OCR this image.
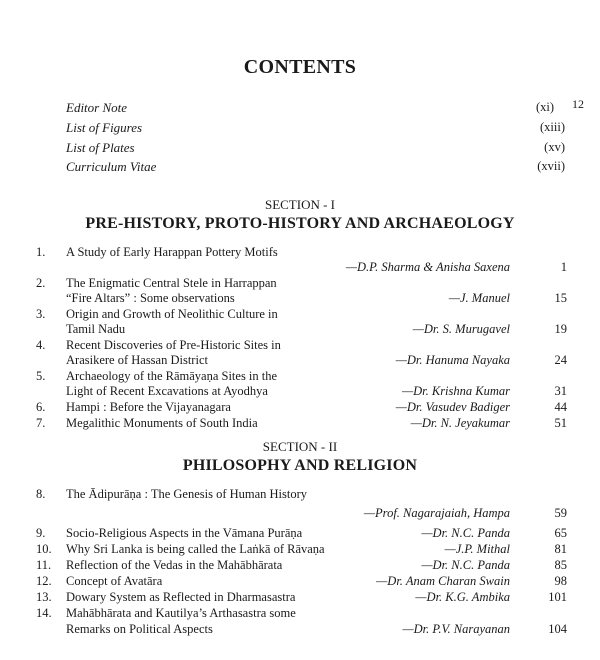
CONTENTS
Editor Note	(xi) 12
List of Figures	(xiii)
List of Plates	(xv)
Curriculum Vitae	(xvii)
SECTION - I
PRE-HISTORY, PROTO-HISTORY AND ARCHAEOLOGY
1. A Study of Early Harappan Pottery Motifs
—D.P. Sharma & Anisha Saxena	1
2. The Enigmatic Central Stele in Harrappan
“Fire Altars” : Some observations	—J. Manuel	15
3. Origin and Growth of Neolithic Culture in
Tamil Nadu	—Dr. S. Murugavel	19
4. Recent Discoveries of Pre-Historic Sites in
Arasikere of Hassan District	—Dr. Hanuma Nayaka	24
5. Archaeology of the Rāmāyaṇa Sites in the
Light of Recent Excavations at Ayodhya	—Dr. Krishna Kumar	31
6. Hampi : Before the Vijayanagara	—Dr. Vasudev Badiger	44
7. Megalithic Monuments of South India	—Dr. N. Jeyakumar	51
SECTION - II
PHILOSOPHY AND RELIGION
8. The Ādipurāṇa : The Genesis of Human History
—Prof. Nagarajaiah, Hampa	59
9. Socio-Religious Aspects in the Vāmana Purāṇa	—Dr. N.C. Panda	65
10. Why Sri Lanka is being called the Laṅkā of Rāvaṇa	—J.P. Mithal	81
11. Reflection of the Vedas in the Mahābhārata	—Dr. N.C. Panda	85
12. Concept of Avatāra	—Dr. Anam Charan Swain	98
13. Dowary System as Reflected in Dharmasastra	—Dr. K.G. Ambika	101
14. Mahābhārata and Kautilya’s Arthasastra some
Remarks on Political Aspects	—Dr. P.V. Narayanan	104
